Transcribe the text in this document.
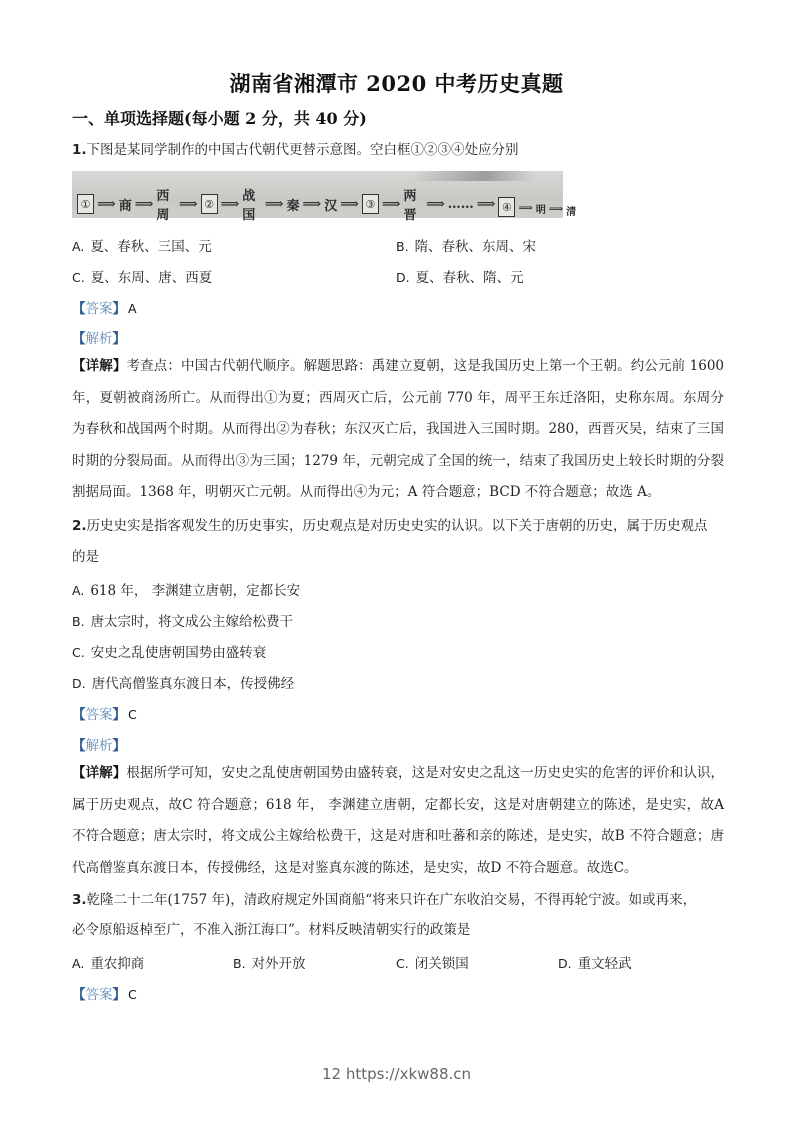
湖南省湘潭市 2020 中考历史真题
一、单项选择题(每小题 2 分，共 40 分)
1.下图是某同学制作的中国古代朝代更替示意图。空白框①②③④处应分别
① ⟹ 商 ⟹ 西周
⟹ ② ⟹ 战国
⟹ 秦 ⟹ 汉 ⟹ ③ ⟹ 两晋
⟹ …… ⟹ ④ ⟹ 明 ⟹ 清
A. 夏、春秋、三国、元	B. 隋、春秋、东周、宋
C. 夏、东周、唐、西夏	D. 夏、春秋、隋、元
【答案】 A
【解析】
【详解】考查点：中国古代朝代顺序。解题思路：禹建立夏朝，这是我国历史上第一个王朝。约公元前 1600 年，夏朝被商汤所亡。从而得出①为夏；西周灭亡后，公元前 770 年，周平王东迁洛阳，史称东周。东周分为春秋和战国两个时期。从而得出②为春秋；东汉灭亡后，我国进入三国时期。280，西晋灭吴，结束了三国时期的分裂局面。从而得出③为三国；1279 年，元朝完成了全国的统一，结束了我国历史上较长时期的分裂割据局面。1368 年，明朝灭亡元朝。从而得出④为元；A 符合题意；BCD 不符合题意；故选 A。
2.历史史实是指客观发生的历史事实，历史观点是对历史史实的认识。以下关于唐朝的历史，属于历史观点
的是
A. 618 年， 李渊建立唐朝，定都长安
B. 唐太宗时，将文成公主嫁给松费干
C. 安史之乱使唐朝国势由盛转衰
D. 唐代高僧鉴真东渡日本，传授佛经
【答案】 C
【解析】
【详解】根据所学可知，安史之乱使唐朝国势由盛转衰，这是对安史之乱这一历史史实的危害的评价和认识，属于历史观点，故C 符合题意；618 年， 李渊建立唐朝，定都长安，这是对唐朝建立的陈述，是史实，故A 不符合题意；唐太宗时，将文成公主嫁给松费干，这是对唐和吐蕃和亲的陈述，是史实，故B 不符合题意；唐代高僧鉴真东渡日本，传授佛经，这是对鉴真东渡的陈述，是史实，故D 不符合题意。故选C。
3.乾隆二十二年(1757 年)，清政府规定外国商船“将来只许在广东收泊交易，不得再轮宁波。如或再来，
必令原船返棹至广，不准入浙江海口”。材料反映清朝实行的政策是
A. 重农抑商	B. 对外开放	C. 闭关锁国	D. 重文轻武
【答案】 C
12 https://xkw88.cn
